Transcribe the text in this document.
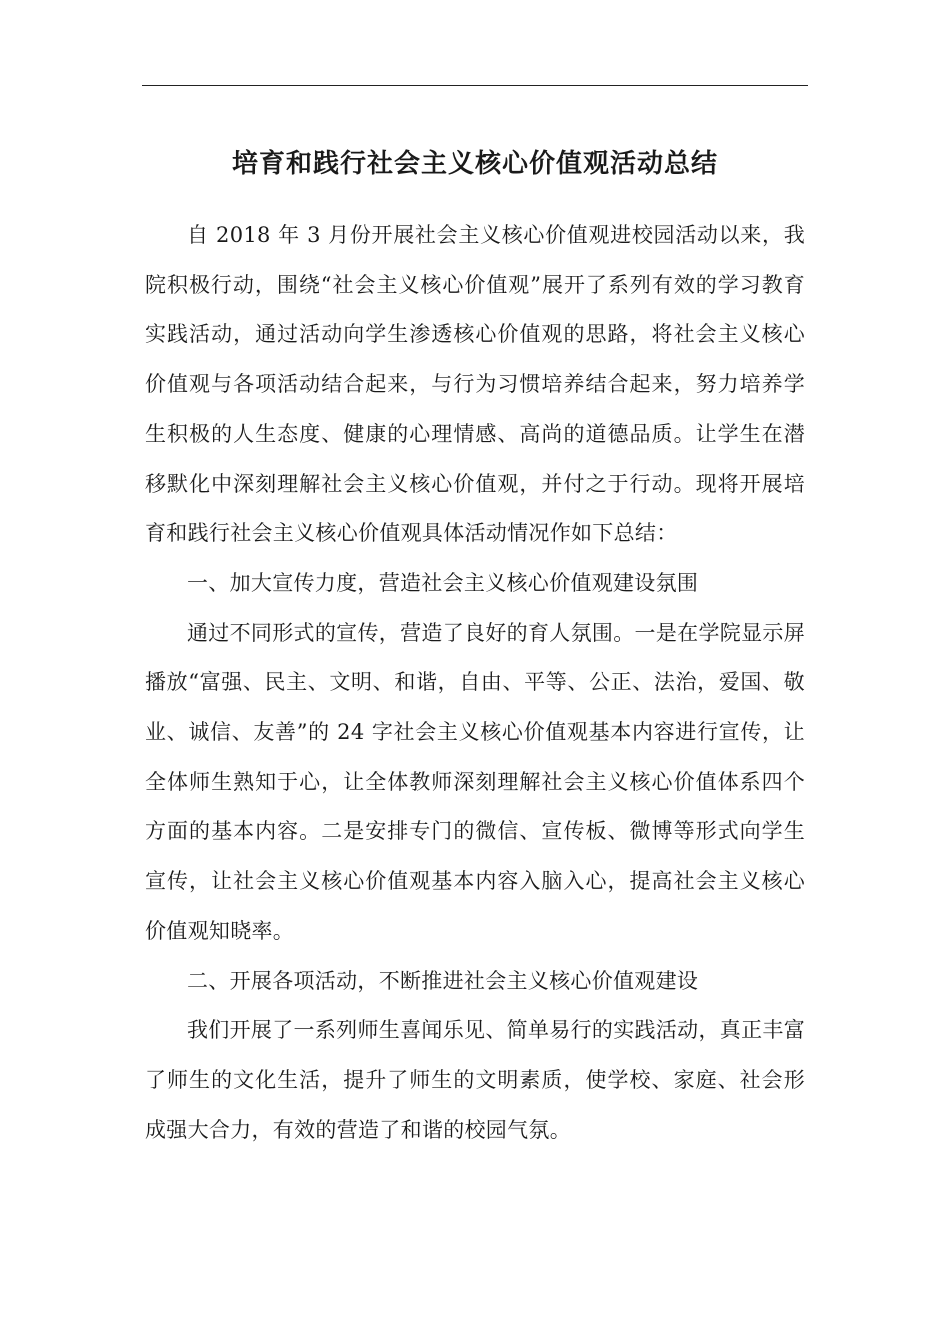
培育和践行社会主义核心价值观活动总结

自 2018 年 3 月份开展社会主义核心价值观进校园活动以来，我院积极行动，围绕“社会主义核心价值观”展开了系列有效的学习教育实践活动，通过活动向学生渗透核心价值观的思路，将社会主义核心价值观与各项活动结合起来，与行为习惯培养结合起来，努力培养学生积极的人生态度、健康的心理情感、高尚的道德品质。让学生在潜移默化中深刻理解社会主义核心价值观，并付之于行动。现将开展培育和践行社会主义核心价值观具体活动情况作如下总结：

一、加大宣传力度，营造社会主义核心价值观建设氛围

通过不同形式的宣传，营造了良好的育人氛围。一是在学院显示屏播放“富强、民主、文明、和谐，自由、平等、公正、法治，爱国、敬业、诚信、友善”的 24 字社会主义核心价值观基本内容进行宣传，让全体师生熟知于心，让全体教师深刻理解社会主义核心价值体系四个方面的基本内容。二是安排专门的微信、宣传板、微博等形式向学生宣传，让社会主义核心价值观基本内容入脑入心，提高社会主义核心价值观知晓率。

二、开展各项活动，不断推进社会主义核心价值观建设

我们开展了一系列师生喜闻乐见、简单易行的实践活动，真正丰富了师生的文化生活，提升了师生的文明素质，使学校、家庭、社会形成强大合力，有效的营造了和谐的校园气氛。
